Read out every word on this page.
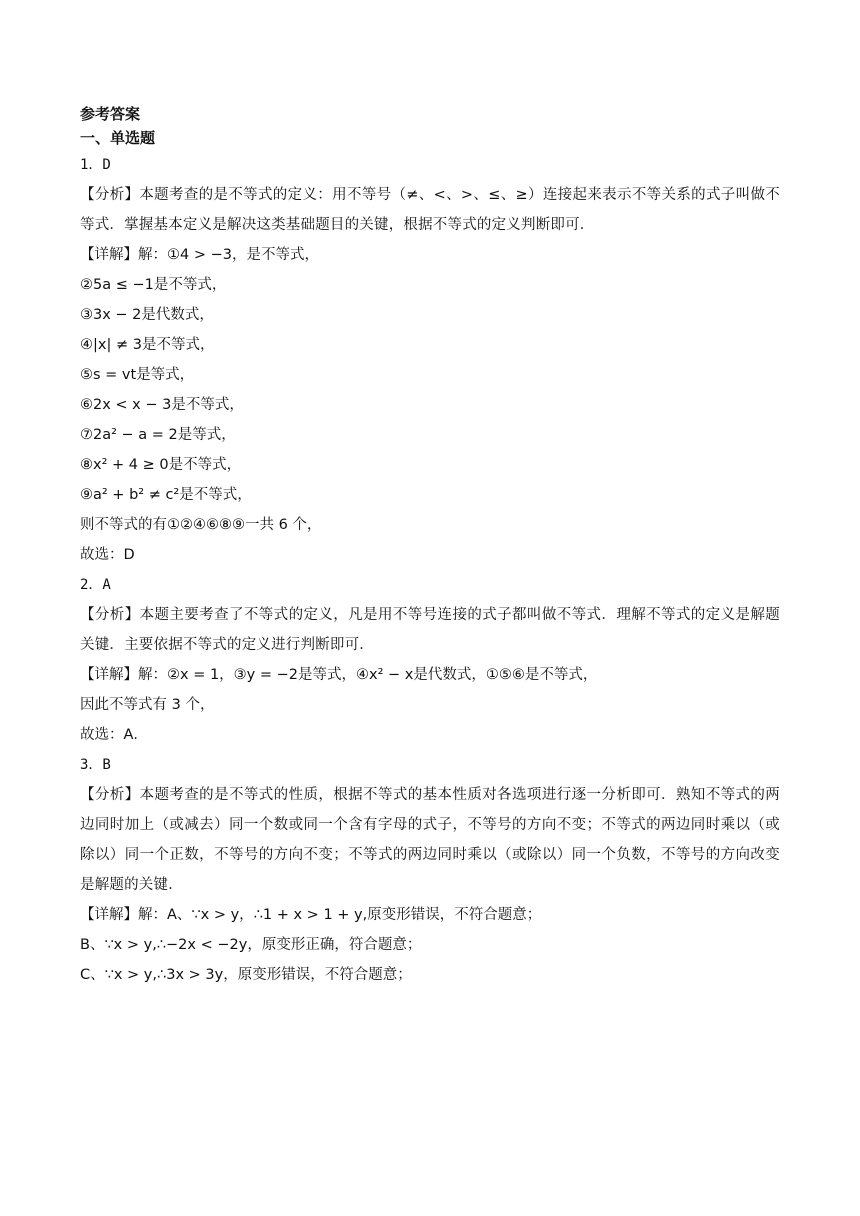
参考答案

一、单选题

1．D

【分析】本题考查的是不等式的定义：用不等号（≠、<、>、≤、≥）连接起来表示不等关系的式子叫做不等式．掌握基本定义是解决这类基础题目的关键，根据不等式的定义判断即可．

【详解】解：①4 > −3，是不等式，

②5a ≤ −1是不等式，

③3x − 2是代数式，

④|x| ≠ 3是不等式，

⑤s = vt是等式，

⑥2x < x − 3是不等式，

⑦2a² − a = 2是等式，

⑧x² + 4 ≥ 0是不等式，

⑨a² + b² ≠ c²是不等式，

则不等式的有①②④⑥⑧⑨一共 6 个，

故选：D

2．A

【分析】本题主要考查了不等式的定义，凡是用不等号连接的式子都叫做不等式．理解不等式的定义是解题关键．主要依据不等式的定义进行判断即可．

【详解】解：②x = 1，③y = −2是等式，④x² − x是代数式，①⑤⑥是不等式，

因此不等式有 3 个，

故选：A．

3．B

【分析】本题考查的是不等式的性质，根据不等式的基本性质对各选项进行逐一分析即可．熟知不等式的两边同时加上（或减去）同一个数或同一个含有字母的式子，不等号的方向不变；不等式的两边同时乘以（或除以）同一个正数，不等号的方向不变；不等式的两边同时乘以（或除以）同一个负数，不等号的方向改变是解题的关键．

【详解】解：A、∵x > y，∴1 + x > 1 + y,原变形错误，不符合题意；

B、∵x > y,∴−2x < −2y，原变形正确，符合题意；

C、∵x > y,∴3x > 3y，原变形错误，不符合题意；
